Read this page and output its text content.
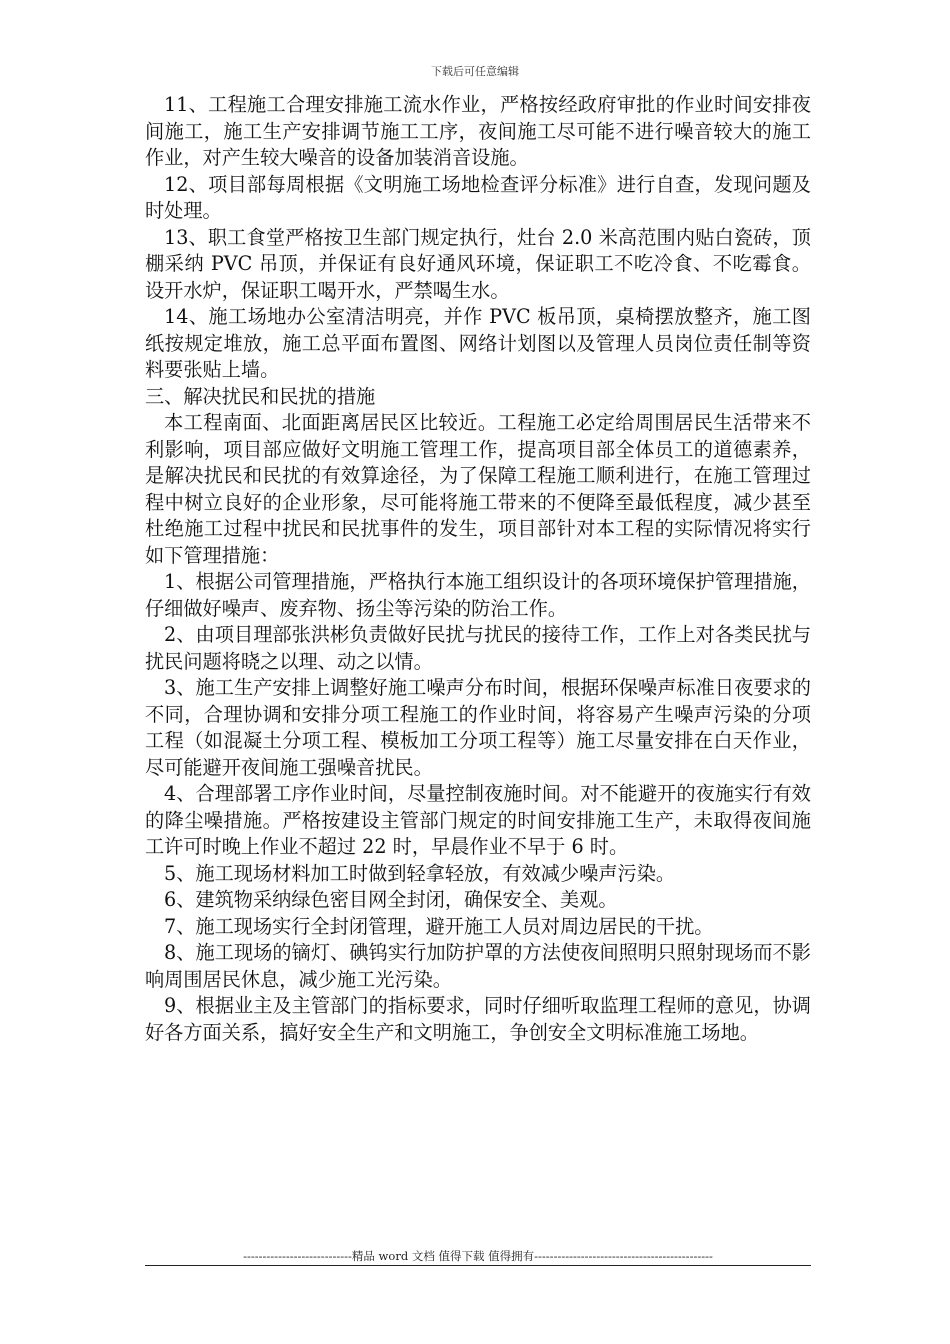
下载后可任意编辑

11、工程施工合理安排施工流水作业，严格按经政府审批的作业时间安排夜间施工，施工生产安排调节施工工序，夜间施工尽可能不进行噪音较大的施工作业，对产生较大噪音的设备加装消音设施。

12、项目部每周根据《文明施工场地检查评分标准》进行自查，发现问题及时处理。

13、职工食堂严格按卫生部门规定执行，灶台 2.0 米高范围内贴白瓷砖，顶棚采纳 PVC 吊顶，并保证有良好通风环境，保证职工不吃冷食、不吃霉食。设开水炉，保证职工喝开水，严禁喝生水。

14、施工场地办公室清洁明亮，并作 PVC 板吊顶，桌椅摆放整齐，施工图纸按规定堆放，施工总平面布置图、网络计划图以及管理人员岗位责任制等资料要张贴上墙。

三、解决扰民和民扰的措施

本工程南面、北面距离居民区比较近。工程施工必定给周围居民生活带来不利影响，项目部应做好文明施工管理工作，提高项目部全体员工的道德素养，是解决扰民和民扰的有效算途径，为了保障工程施工顺利进行，在施工管理过程中树立良好的企业形象，尽可能将施工带来的不便降至最低程度，减少甚至杜绝施工过程中扰民和民扰事件的发生，项目部针对本工程的实际情况将实行如下管理措施：

1、根据公司管理措施，严格执行本施工组织设计的各项环境保护管理措施，仔细做好噪声、废弃物、扬尘等污染的防治工作。

2、由项目理部张洪彬负责做好民扰与扰民的接待工作，工作上对各类民扰与扰民问题将晓之以理、动之以情。

3、施工生产安排上调整好施工噪声分布时间，根据环保噪声标准日夜要求的不同，合理协调和安排分项工程施工的作业时间，将容易产生噪声污染的分项工程（如混凝土分项工程、模板加工分项工程等）施工尽量安排在白天作业，尽可能避开夜间施工强噪音扰民。

4、合理部署工序作业时间，尽量控制夜施时间。对不能避开的夜施实行有效的降尘噪措施。严格按建设主管部门规定的时间安排施工生产，未取得夜间施工许可时晚上作业不超过 22 时，早晨作业不早于 6 时。

5、施工现场材料加工时做到轻拿轻放，有效减少噪声污染。

6、建筑物采纳绿色密目网全封闭，确保安全、美观。

7、施工现场实行全封闭管理，避开施工人员对周边居民的干扰。

8、施工现场的镝灯、碘钨实行加防护罩的方法使夜间照明只照射现场而不影响周围居民休息，减少施工光污染。

9、根据业主及主管部门的指标要求，同时仔细听取监理工程师的意见，协调好各方面关系，搞好安全生产和文明施工，争创安全文明标准施工场地。

----------------------------精品 word 文档 值得下载 值得拥有----------------------------------------------
